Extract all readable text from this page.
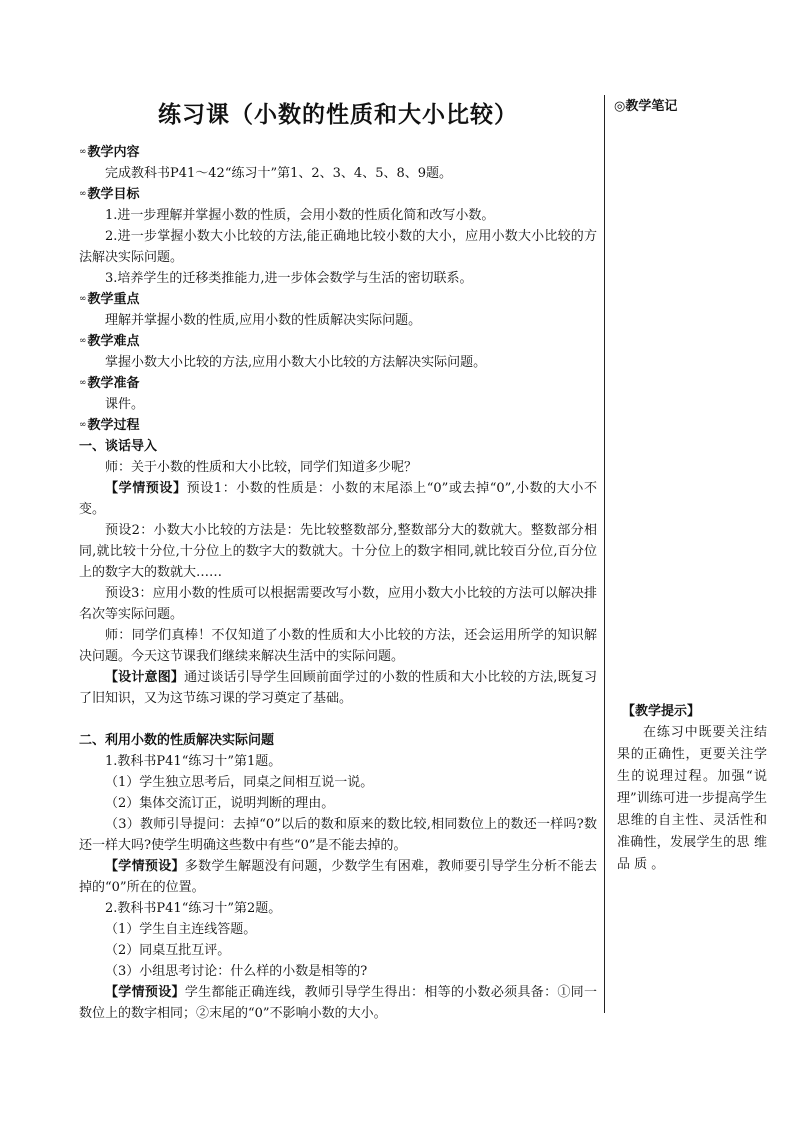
练习课（小数的性质和大小比较）
∞ 教学内容

完成教科书P41～42“练习十”第1、2、3、4、5、8、9题。

∞ 教学目标

1.进一步理解并掌握小数的性质，会用小数的性质化简和改写小数。

2.进一步掌握小数大小比较的方法,能正确地比较小数的大小，应用小数大小比较的方法解决实际问题。

3.培养学生的迁移类推能力,进一步体会数学与生活的密切联系。

∞ 教学重点

理解并掌握小数的性质,应用小数的性质解决实际问题。

∞ 教学难点

掌握小数大小比较的方法,应用小数大小比较的方法解决实际问题。

∞ 教学准备

课件。

∞ 教学过程

一、谈话导入

师：关于小数的性质和大小比较，同学们知道多少呢？

【学情预设】预设1：小数的性质是：小数的末尾添上“0”或去掉“0”,小数的大小不变。

预设2：小数大小比较的方法是：先比较整数部分,整数部分大的数就大。整数部分相同,就比较十分位,十分位上的数字大的数就大。十分位上的数字相同,就比较百分位,百分位上的数字大的数就大……

预设3：应用小数的性质可以根据需要改写小数，应用小数大小比较的方法可以解决排名次等实际问题。

师：同学们真棒！不仅知道了小数的性质和大小比较的方法，还会运用所学的知识解决问题。今天这节课我们继续来解决生活中的实际问题。

【设计意图】通过谈话引导学生回顾前面学过的小数的性质和大小比较的方法,既复习了旧知识，又为这节练习课的学习奠定了基础。

二、利用小数的性质解决实际问题

1.教科书P41“练习十”第1题。

（1）学生独立思考后，同桌之间相互说一说。

（2）集体交流订正，说明判断的理由。

（3）教师引导提问：去掉“0”以后的数和原来的数比较,相同数位上的数还一样吗?数还一样大吗?使学生明确这些数中有些“0”是不能去掉的。

【学情预设】多数学生解题没有问题，少数学生有困难，教师要引导学生分析不能去掉的“0”所在的位置。

2.教科书P41“练习十”第2题。

（1）学生自主连线答题。

（2）同桌互批互评。

（3）小组思考讨论：什么样的小数是相等的?

【学情预设】学生都能正确连线，教师引导学生得出：相等的小数必须具备：①同一数位上的数字相同；②末尾的“0”不影响小数的大小。

◎教学笔记
【教学提示】
在练习中既要关注结果的正确性，更要关注学生的说理过程。加强“说理”训练可进一步提高学生思维的自主性、灵活性和准确性，发展学生的思 维 品 质 。
